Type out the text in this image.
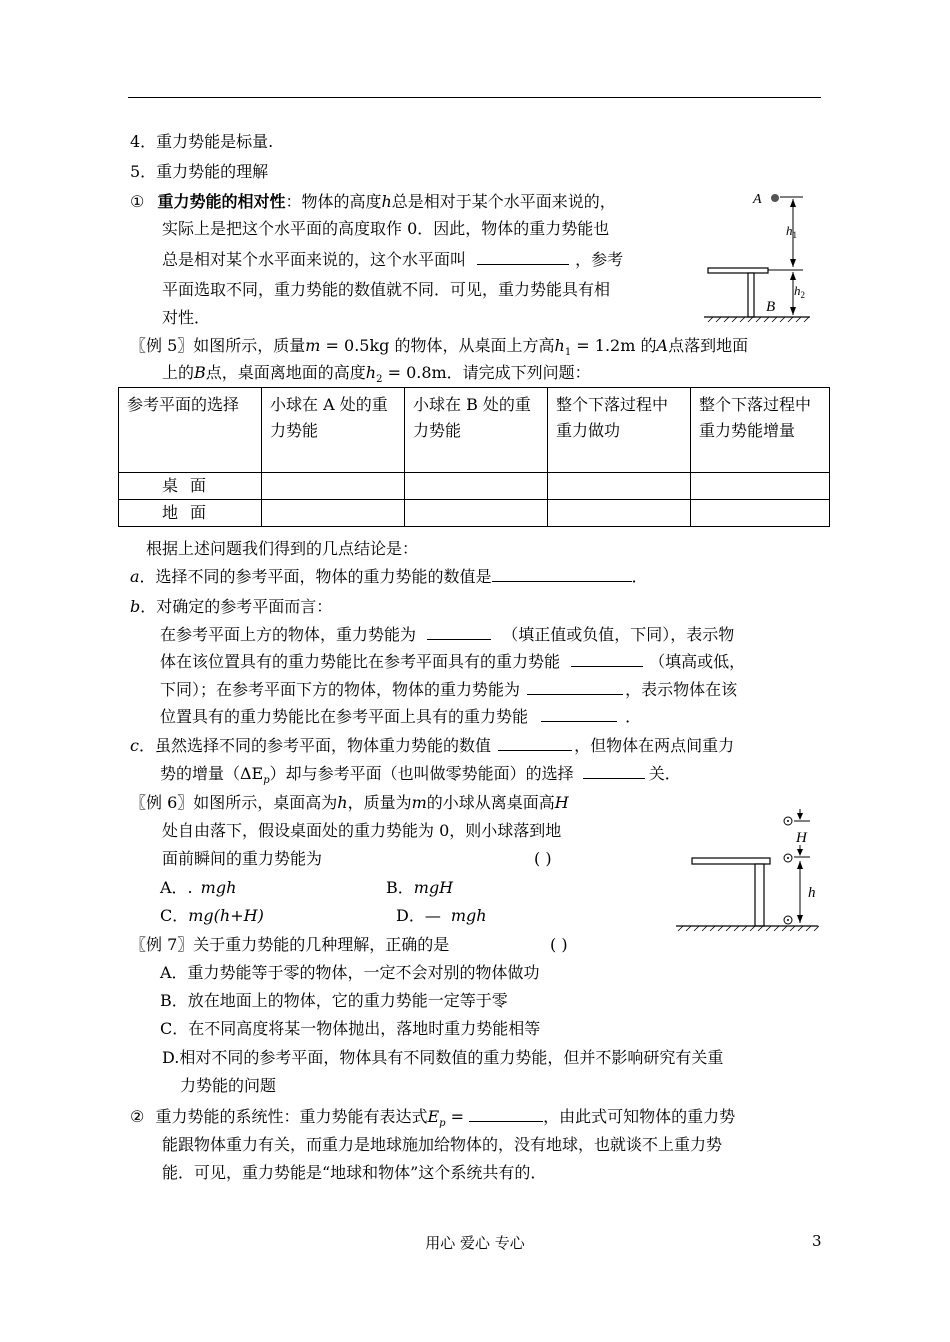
4．重力势能是标量.
5．重力势能的理解
① 重力势能的相对性：物体的高度h总是相对于某个水平面来说的，
实际上是把这个水平面的高度取作 0．因此，物体的重力势能也
总是相对某个水平面来说的，这个水平面叫	，参考
平面选取不同，重力势能的数值就不同．可见，重力势能具有相
对性．
A
$h_1$
$h_2$
B
〖例 5〗如图所示，质量m = 0.5kg 的物体，从桌面上方高$h_1 = 1.2m$ 的A点落到地面
上的B点，桌面离地面的高度$h_2 = 0.8m$．请完成下列问题：
参考平面的选择	小球在 A 处的重力势能	小球在 B 处的重力势能	整个下落过程中重力做功	整个下落过程中重力势能增量
桌面				
地面				
根据上述问题我们得到的几点结论是：
a．选择不同的参考平面，物体的重力势能的数值是	．
b．对确定的参考平面而言：
在参考平面上方的物体，重力势能为	（填正值或负值，下同），表示物
体在该位置具有的重力势能比在参考平面具有的重力势能	（填高或低，
下同）；在参考平面下方的物体，物体的重力势能为	，表示物体在该
位置具有的重力势能比在参考平面上具有的重力势能	．
c．虽然选择不同的参考平面，物体重力势能的数值	，但物体在两点间重力
势的增量$(\Delta E_p)$却与参考平面（也叫做零势能面）的选择	关．
〖例 6〗如图所示，桌面高为h，质量为m的小球从离桌面高H
处自由落下，假设桌面处的重力势能为 0，则小球落到地
面前瞬间的重力势能为	( )
A．. mgh	B．mgH
C．mg(h+H)	D．— mgh
H
h
〖例 7〗关于重力势能的几种理解，正确的是	( )
A．重力势能等于零的物体，一定不会对别的物体做功
B．放在地面上的物体，它的重力势能一定等于零
C．在不同高度将某一物体抛出，落地时重力势能相等
D.相对不同的参考平面，物体具有不同数值的重力势能，但并不影响研究有关重
力势能的问题
② 重力势能的系统性：重力势能有表达式$E_p$ =	，由此式可知物体的重力势
能跟物体重力有关，而重力是地球施加给物体的，没有地球，也就谈不上重力势
能．可见，重力势能是“地球和物体”这个系统共有的．
用心 爱心 专心	3
